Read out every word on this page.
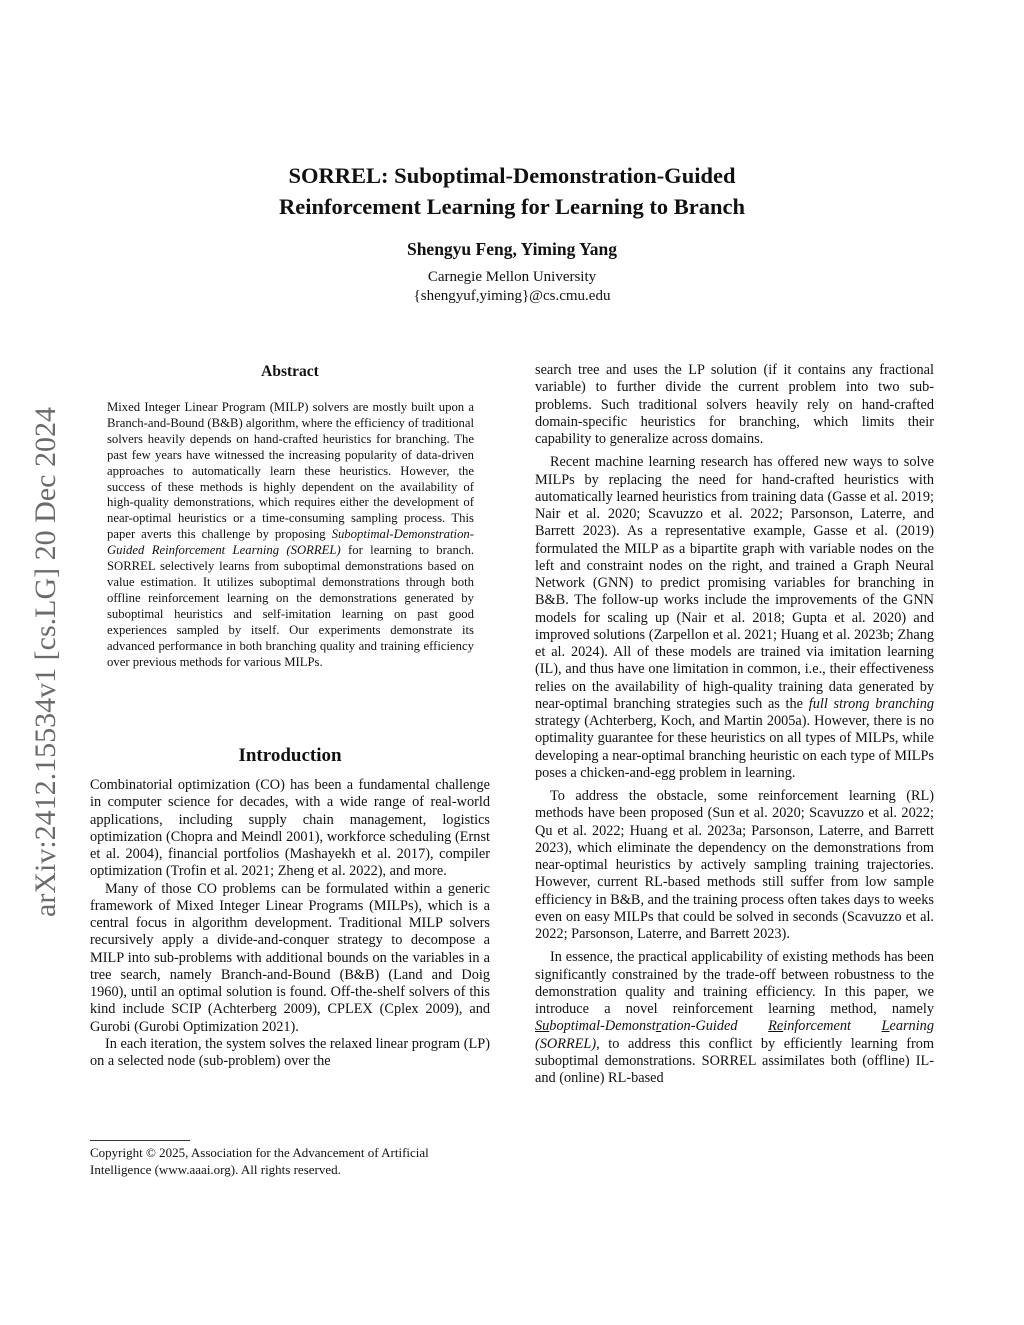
SORREL: Suboptimal-Demonstration-Guided
Reinforcement Learning for Learning to Branch
Shengyu Feng, Yiming Yang
Carnegie Mellon University
{shengyuf,yiming}@cs.cmu.edu
arXiv:2412.15534v1 [cs.LG] 20 Dec 2024
Abstract

Mixed Integer Linear Program (MILP) solvers are mostly built upon a Branch-and-Bound (B&B) algorithm, where the efficiency of traditional solvers heavily depends on hand-crafted heuristics for branching. The past few years have witnessed the increasing popularity of data-driven approaches to automatically learn these heuristics. However, the success of these methods is highly dependent on the availability of high-quality demonstrations, which requires either the development of near-optimal heuristics or a time-consuming sampling process. This paper averts this challenge by proposing Suboptimal-Demonstration-Guided Reinforcement Learning (SORREL) for learning to branch. SORREL selectively learns from suboptimal demonstrations based on value estimation. It utilizes suboptimal demonstrations through both offline reinforcement learning on the demonstrations generated by suboptimal heuristics and self-imitation learning on past good experiences sampled by itself. Our experiments demonstrate its advanced performance in both branching quality and training efficiency over previous methods for various MILPs.

Introduction

Combinatorial optimization (CO) has been a fundamental challenge in computer science for decades, with a wide range of real-world applications, including supply chain management, logistics optimization (Chopra and Meindl 2001), workforce scheduling (Ernst et al. 2004), financial portfolios (Mashayekh et al. 2017), compiler optimization (Trofin et al. 2021; Zheng et al. 2022), and more.

Many of those CO problems can be formulated within a generic framework of Mixed Integer Linear Programs (MILPs), which is a central focus in algorithm development. Traditional MILP solvers recursively apply a divide-and-conquer strategy to decompose a MILP into sub-problems with additional bounds on the variables in a tree search, namely Branch-and-Bound (B&B) (Land and Doig 1960), until an optimal solution is found. Off-the-shelf solvers of this kind include SCIP (Achterberg 2009), CPLEX (Cplex 2009), and Gurobi (Gurobi Optimization 2021).

In each iteration, the system solves the relaxed linear program (LP) on a selected node (sub-problem) over the

Copyright © 2025, Association for the Advancement of Artificial Intelligence (www.aaai.org). All rights reserved.

search tree and uses the LP solution (if it contains any fractional variable) to further divide the current problem into two sub-problems. Such traditional solvers heavily rely on hand-crafted domain-specific heuristics for branching, which limits their capability to generalize across domains.

Recent machine learning research has offered new ways to solve MILPs by replacing the need for hand-crafted heuristics with automatically learned heuristics from training data (Gasse et al. 2019; Nair et al. 2020; Scavuzzo et al. 2022; Parsonson, Laterre, and Barrett 2023). As a representative example, Gasse et al. (2019) formulated the MILP as a bipartite graph with variable nodes on the left and constraint nodes on the right, and trained a Graph Neural Network (GNN) to predict promising variables for branching in B&B. The follow-up works include the improvements of the GNN models for scaling up (Nair et al. 2018; Gupta et al. 2020) and improved solutions (Zarpellon et al. 2021; Huang et al. 2023b; Zhang et al. 2024). All of these models are trained via imitation learning (IL), and thus have one limitation in common, i.e., their effectiveness relies on the availability of high-quality training data generated by near-optimal branching strategies such as the full strong branching strategy (Achterberg, Koch, and Martin 2005a). However, there is no optimality guarantee for these heuristics on all types of MILPs, while developing a near-optimal branching heuristic on each type of MILPs poses a chicken-and-egg problem in learning.

To address the obstacle, some reinforcement learning (RL) methods have been proposed (Sun et al. 2020; Scavuzzo et al. 2022; Qu et al. 2022; Huang et al. 2023a; Parsonson, Laterre, and Barrett 2023), which eliminate the dependency on the demonstrations from near-optimal heuristics by actively sampling training trajectories. However, current RL-based methods still suffer from low sample efficiency in B&B, and the training process often takes days to weeks even on easy MILPs that could be solved in seconds (Scavuzzo et al. 2022; Parsonson, Laterre, and Barrett 2023).

In essence, the practical applicability of existing methods has been significantly constrained by the trade-off between robustness to the demonstration quality and training efficiency. In this paper, we introduce a novel reinforcement learning method, namely Suboptimal-Demonstration-Guided Reinforcement Learning (SORREL), to address this conflict by efficiently learning from suboptimal demonstrations. SORREL assimilates both (offline) IL- and (online) RL-based
